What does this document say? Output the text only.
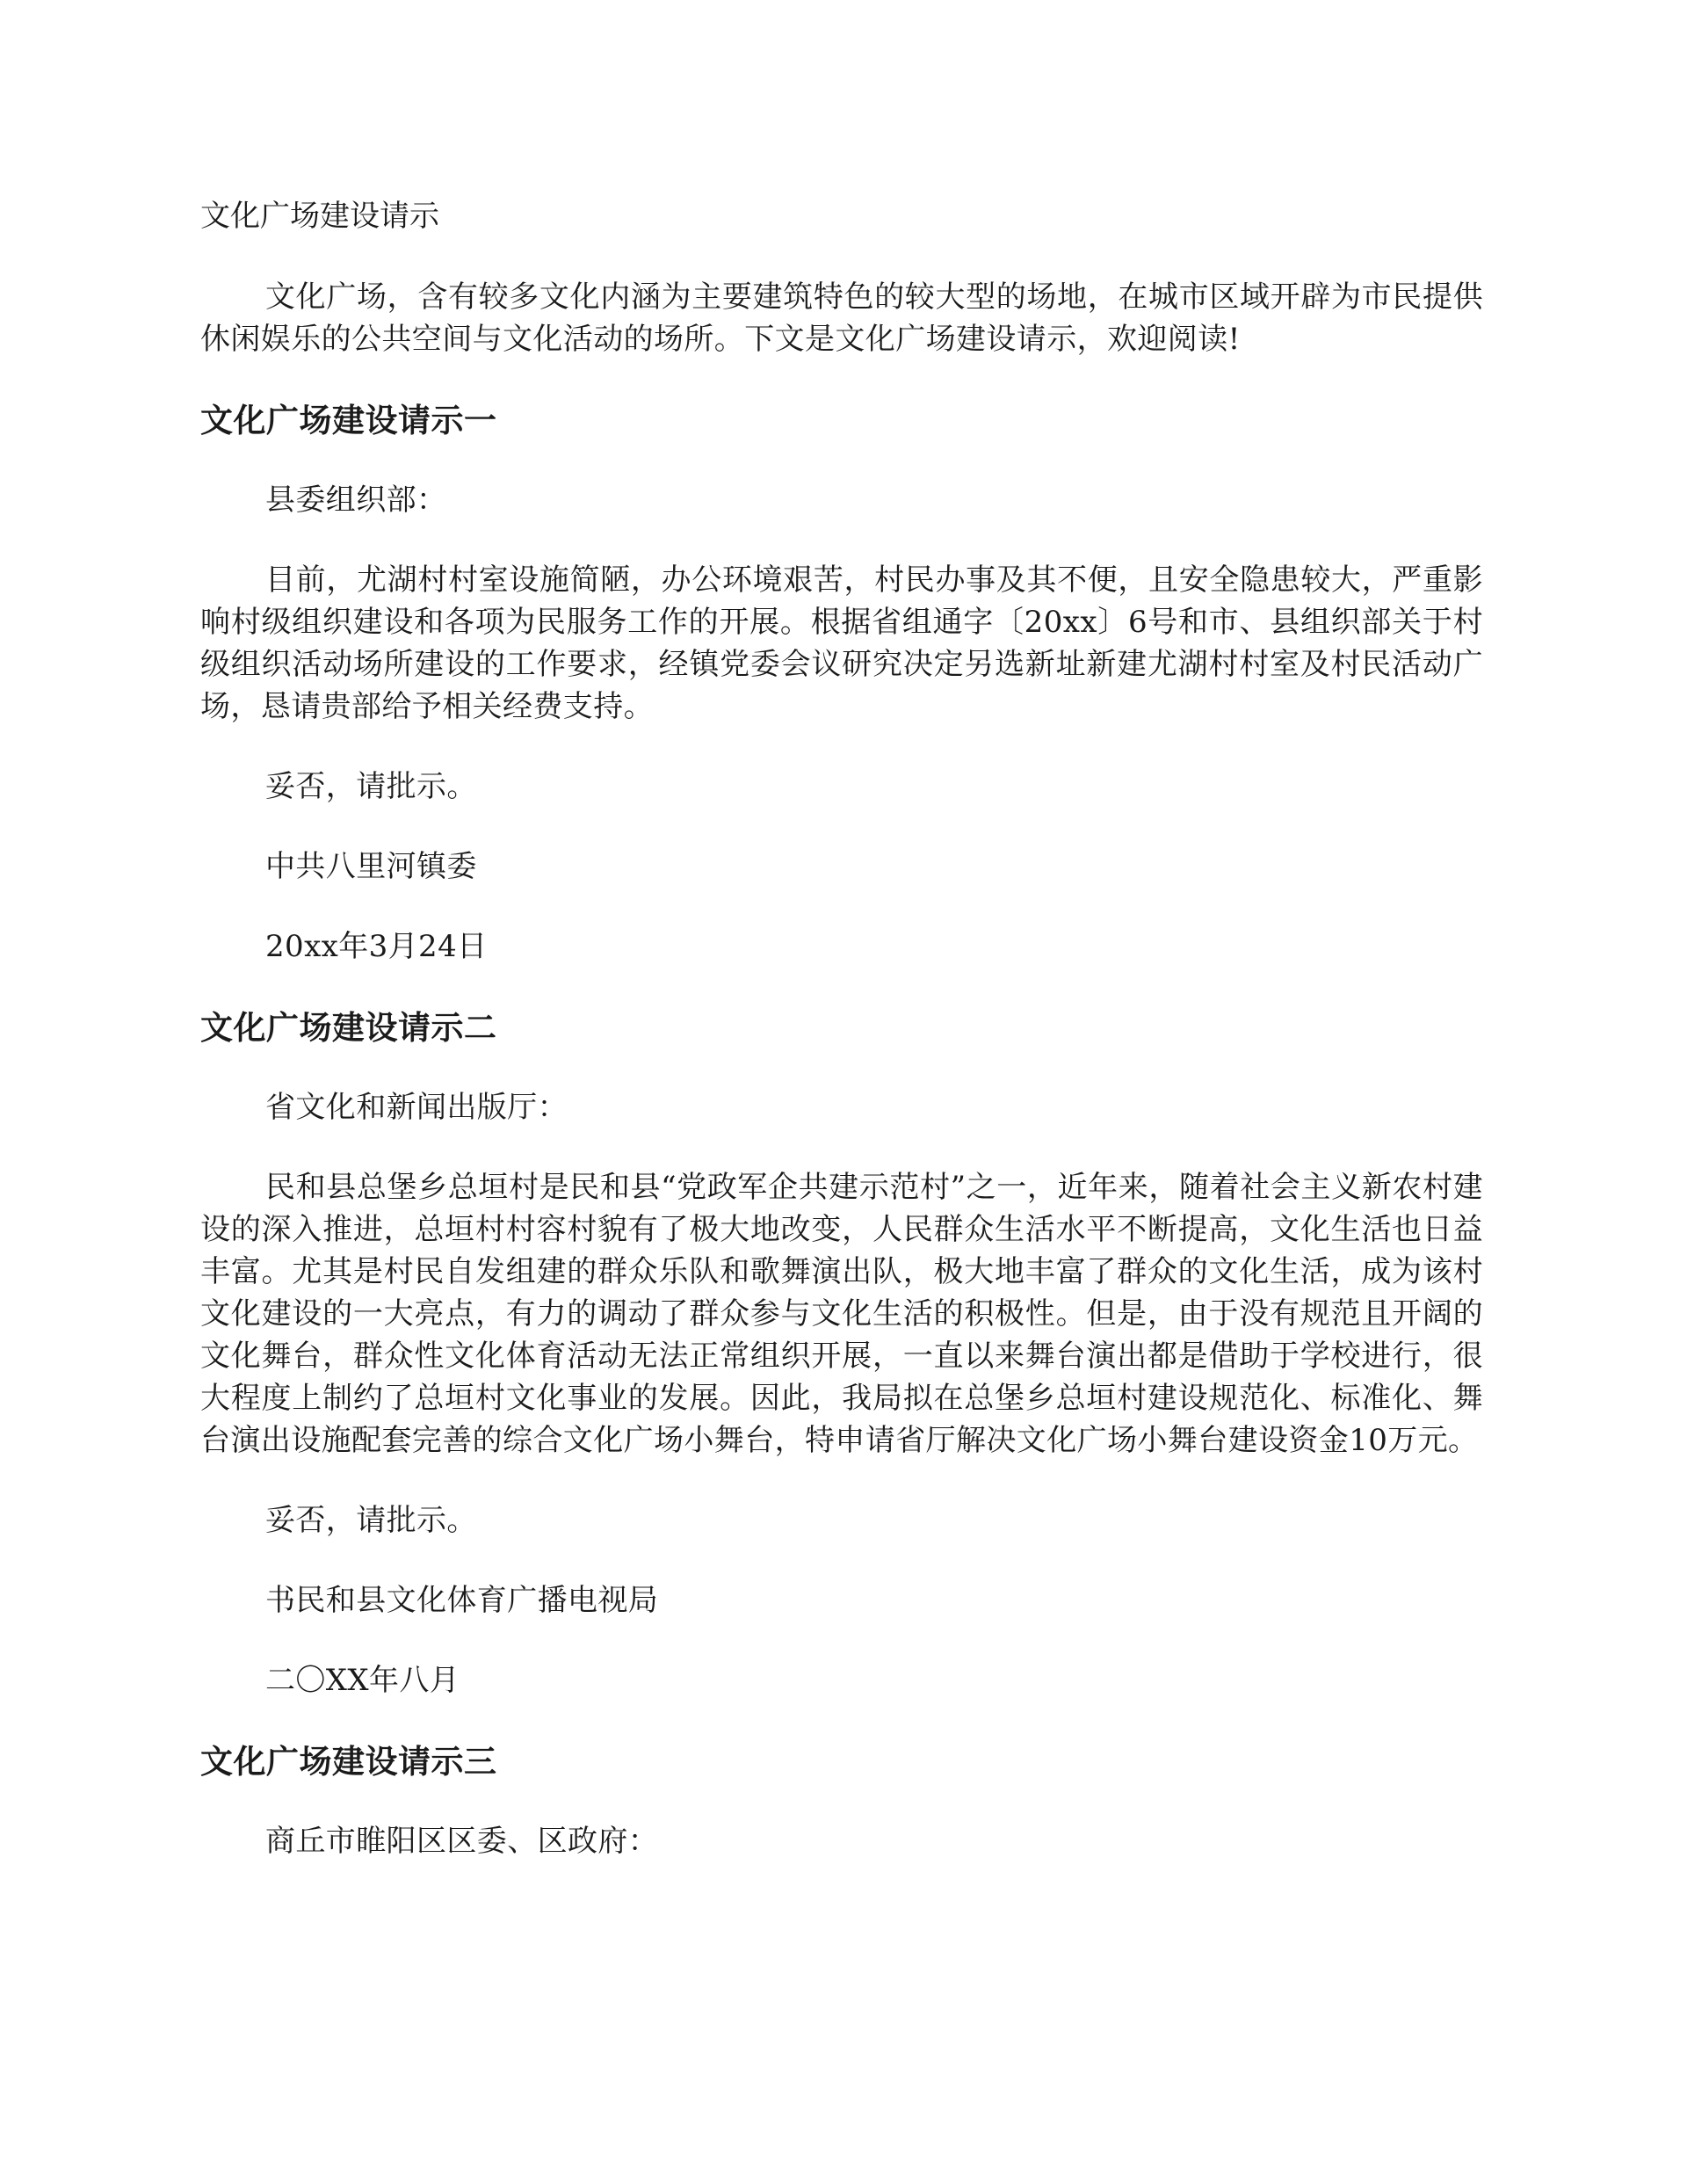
文化广场建设请示

文化广场，含有较多文化内涵为主要建筑特色的较大型的场地，在城市区域开辟为市民提供休闲娱乐的公共空间与文化活动的场所。下文是文化广场建设请示，欢迎阅读!

文化广场建设请示一

县委组织部：

目前，尤湖村村室设施简陋，办公环境艰苦，村民办事及其不便，且安全隐患较大，严重影响村级组织建设和各项为民服务工作的开展。根据省组通字〔20xx〕6号和市、县组织部关于村级组织活动场所建设的工作要求，经镇党委会议研究决定另选新址新建尤湖村村室及村民活动广场，恳请贵部给予相关经费支持。

妥否，请批示。

中共八里河镇委

20xx年3月24日

文化广场建设请示二

省文化和新闻出版厅：

民和县总堡乡总垣村是民和县“党政军企共建示范村”之一，近年来，随着社会主义新农村建设的深入推进，总垣村村容村貌有了极大地改变，人民群众生活水平不断提高，文化生活也日益丰富。尤其是村民自发组建的群众乐队和歌舞演出队，极大地丰富了群众的文化生活，成为该村文化建设的一大亮点，有力的调动了群众参与文化生活的积极性。但是，由于没有规范且开阔的文化舞台，群众性文化体育活动无法正常组织开展，一直以来舞台演出都是借助于学校进行，很大程度上制约了总垣村文化事业的发展。因此，我局拟在总堡乡总垣村建设规范化、标准化、舞台演出设施配套完善的综合文化广场小舞台，特申请省厅解决文化广场小舞台建设资金10万元。

妥否，请批示。

书民和县文化体育广播电视局

二〇XX年八月

文化广场建设请示三

商丘市睢阳区区委、区政府：
